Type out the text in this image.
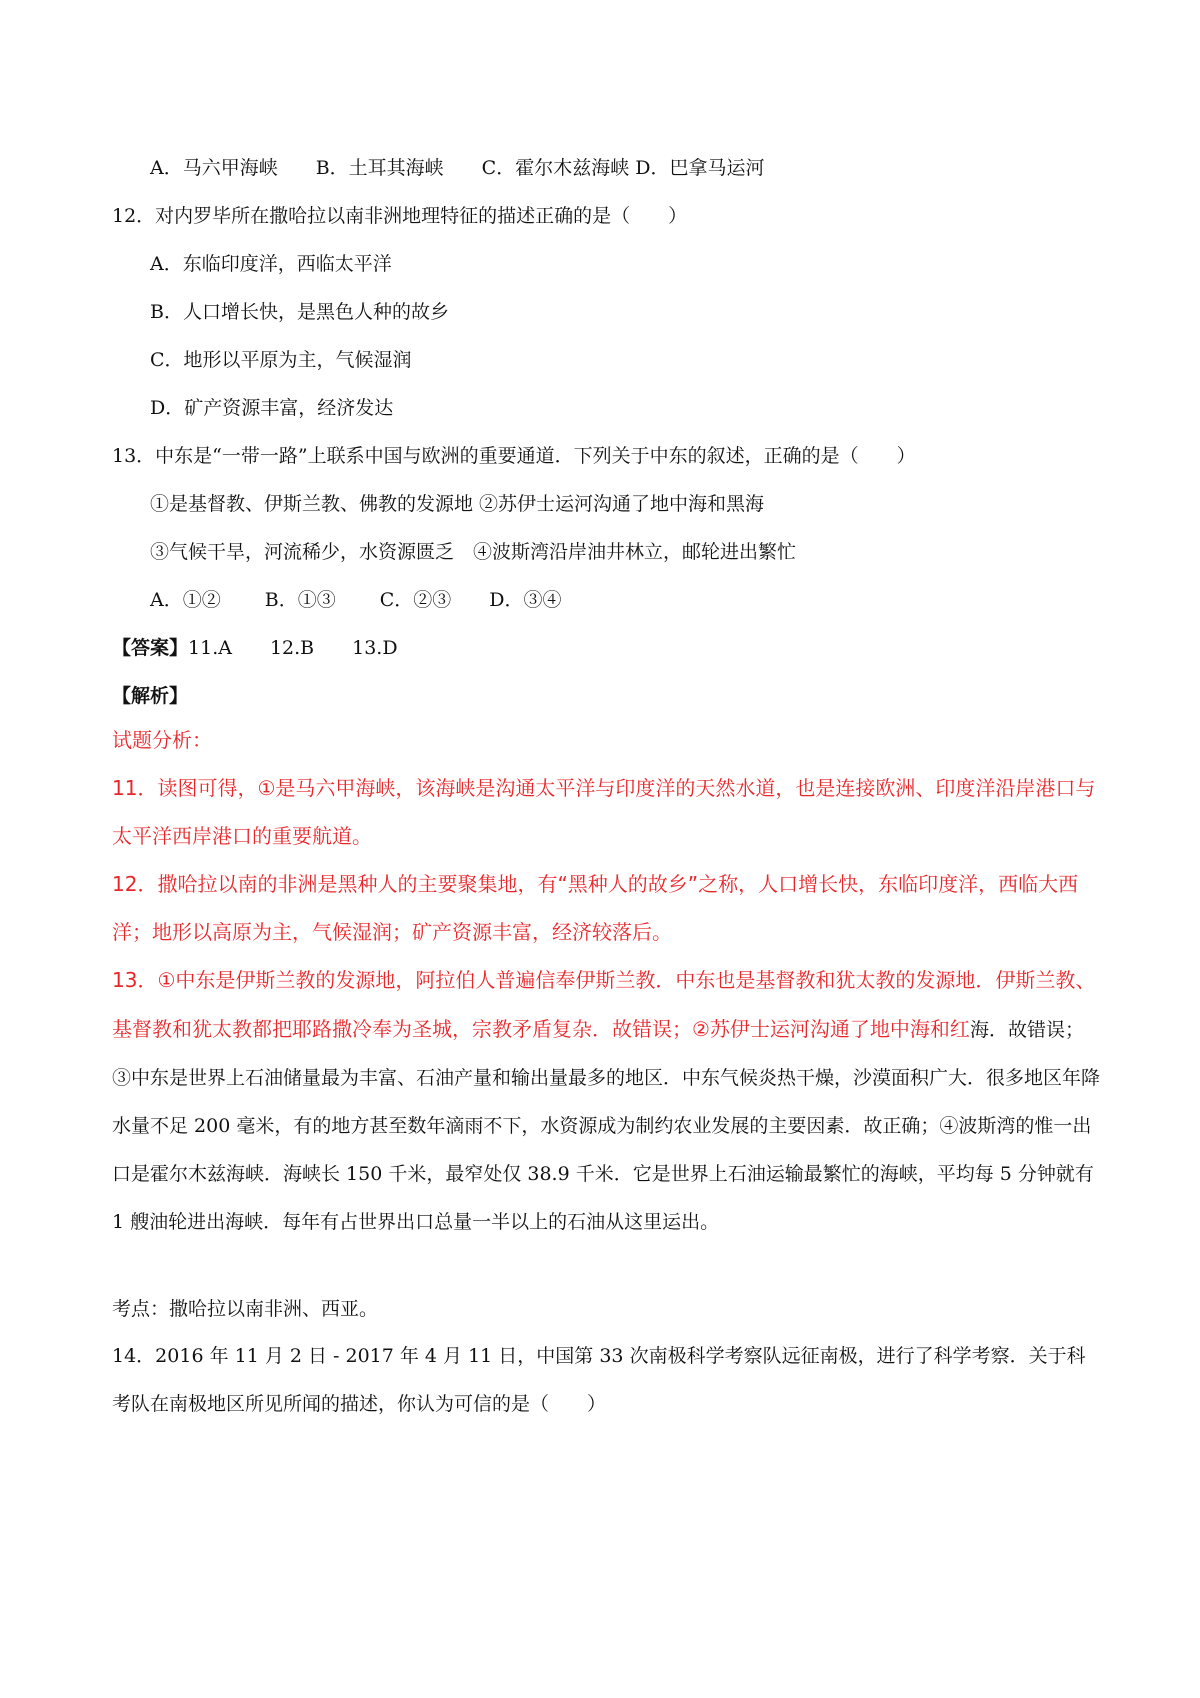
A．马六甲海峡　　B．土耳其海峡　　C．霍尔木兹海峡 D．巴拿马运河
12．对内罗毕所在撒哈拉以南非洲地理特征的描述正确的是（　　）
A．东临印度洋，西临太平洋
B．人口增长快，是黑色人种的故乡
C．地形以平原为主，气候湿润
D．矿产资源丰富，经济发达
13．中东是“一带一路”上联系中国与欧洲的重要通道．下列关于中东的叙述，正确的是（　　）
①是基督教、伊斯兰教、佛教的发源地 ②苏伊士运河沟通了地中海和黑海
③气候干旱，河流稀少，水资源匮乏　④波斯湾沿岸油井林立，邮轮进出繁忙
A．①②　　 B．①③　　 C．②③　　D．③④
【答案】11.A　　12.B　　13.D
【解析】
试题分析：
11．读图可得，①是马六甲海峡，该海峡是沟通太平洋与印度洋的天然水道，也是连接欧洲、印度洋沿岸港口与太平洋西岸港口的重要航道。
12．撒哈拉以南的非洲是黑种人的主要聚集地，有“黑种人的故乡”之称，人口增长快，东临印度洋，西临大西洋；地形以高原为主，气候湿润；矿产资源丰富，经济较落后。
13．①中东是伊斯兰教的发源地，阿拉伯人普遍信奉伊斯兰教．中东也是基督教和犹太教的发源地．伊斯兰教、基督教和犹太教都把耶路撒冷奉为圣城，宗教矛盾复杂．故错误；②苏伊士运河沟通了地中海和红海．故错误；③中东是世界上石油储量最为丰富、石油产量和输出量最多的地区．中东气候炎热干燥，沙漠面积广大．很多地区年降水量不足 200 毫米，有的地方甚至数年滴雨不下，水资源成为制约农业发展的主要因素．故正确；④波斯湾的惟一出口是霍尔木兹海峡．海峡长 150 千米，最窄处仅 38.9 千米．它是世界上石油运输最繁忙的海峡，平均每 5 分钟就有 1 艘油轮进出海峡．每年有占世界出口总量一半以上的石油从这里运出。
考点：撒哈拉以南非洲、西亚。
14．2016 年 11 月 2 日 - 2017 年 4 月 11 日，中国第 33 次南极科学考察队远征南极，进行了科学考察．关于科考队在南极地区所见所闻的描述，你认为可信的是（　　）
